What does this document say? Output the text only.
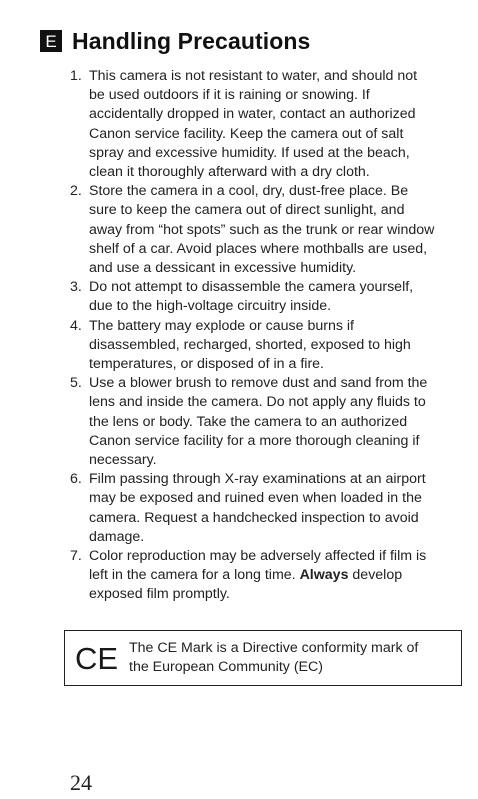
E Handling Precautions
1. This camera is not resistant to water, and should not
be used outdoors if it is raining or snowing. If
accidentally dropped in water, contact an authorized
Canon service facility. Keep the camera out of salt
spray and excessive humidity. If used at the beach,
clean it thoroughly afterward with a dry cloth.
2. Store the camera in a cool, dry, dust-free place. Be
sure to keep the camera out of direct sunlight, and
away from “hot spots” such as the trunk or rear window
shelf of a car. Avoid places where mothballs are used,
and use a dessicant in excessive humidity.
3. Do not attempt to disassemble the camera yourself,
due to the high-voltage circuitry inside.
4. The battery may explode or cause burns if
disassembled, recharged, shorted, exposed to high
temperatures, or disposed of in a fire.
5. Use a blower brush to remove dust and sand from the
lens and inside the camera. Do not apply any fluids to
the lens or body. Take the camera to an authorized
Canon service facility for a more thorough cleaning if
necessary.
6. Film passing through X-ray examinations at an airport
may be exposed and ruined even when loaded in the
camera. Request a handchecked inspection to avoid
damage.
7. Color reproduction may be adversely affected if film is
left in the camera for a long time. Always develop
exposed film promptly.
CE The CE Mark is a Directive conformity mark of
the European Community (EC)
24
